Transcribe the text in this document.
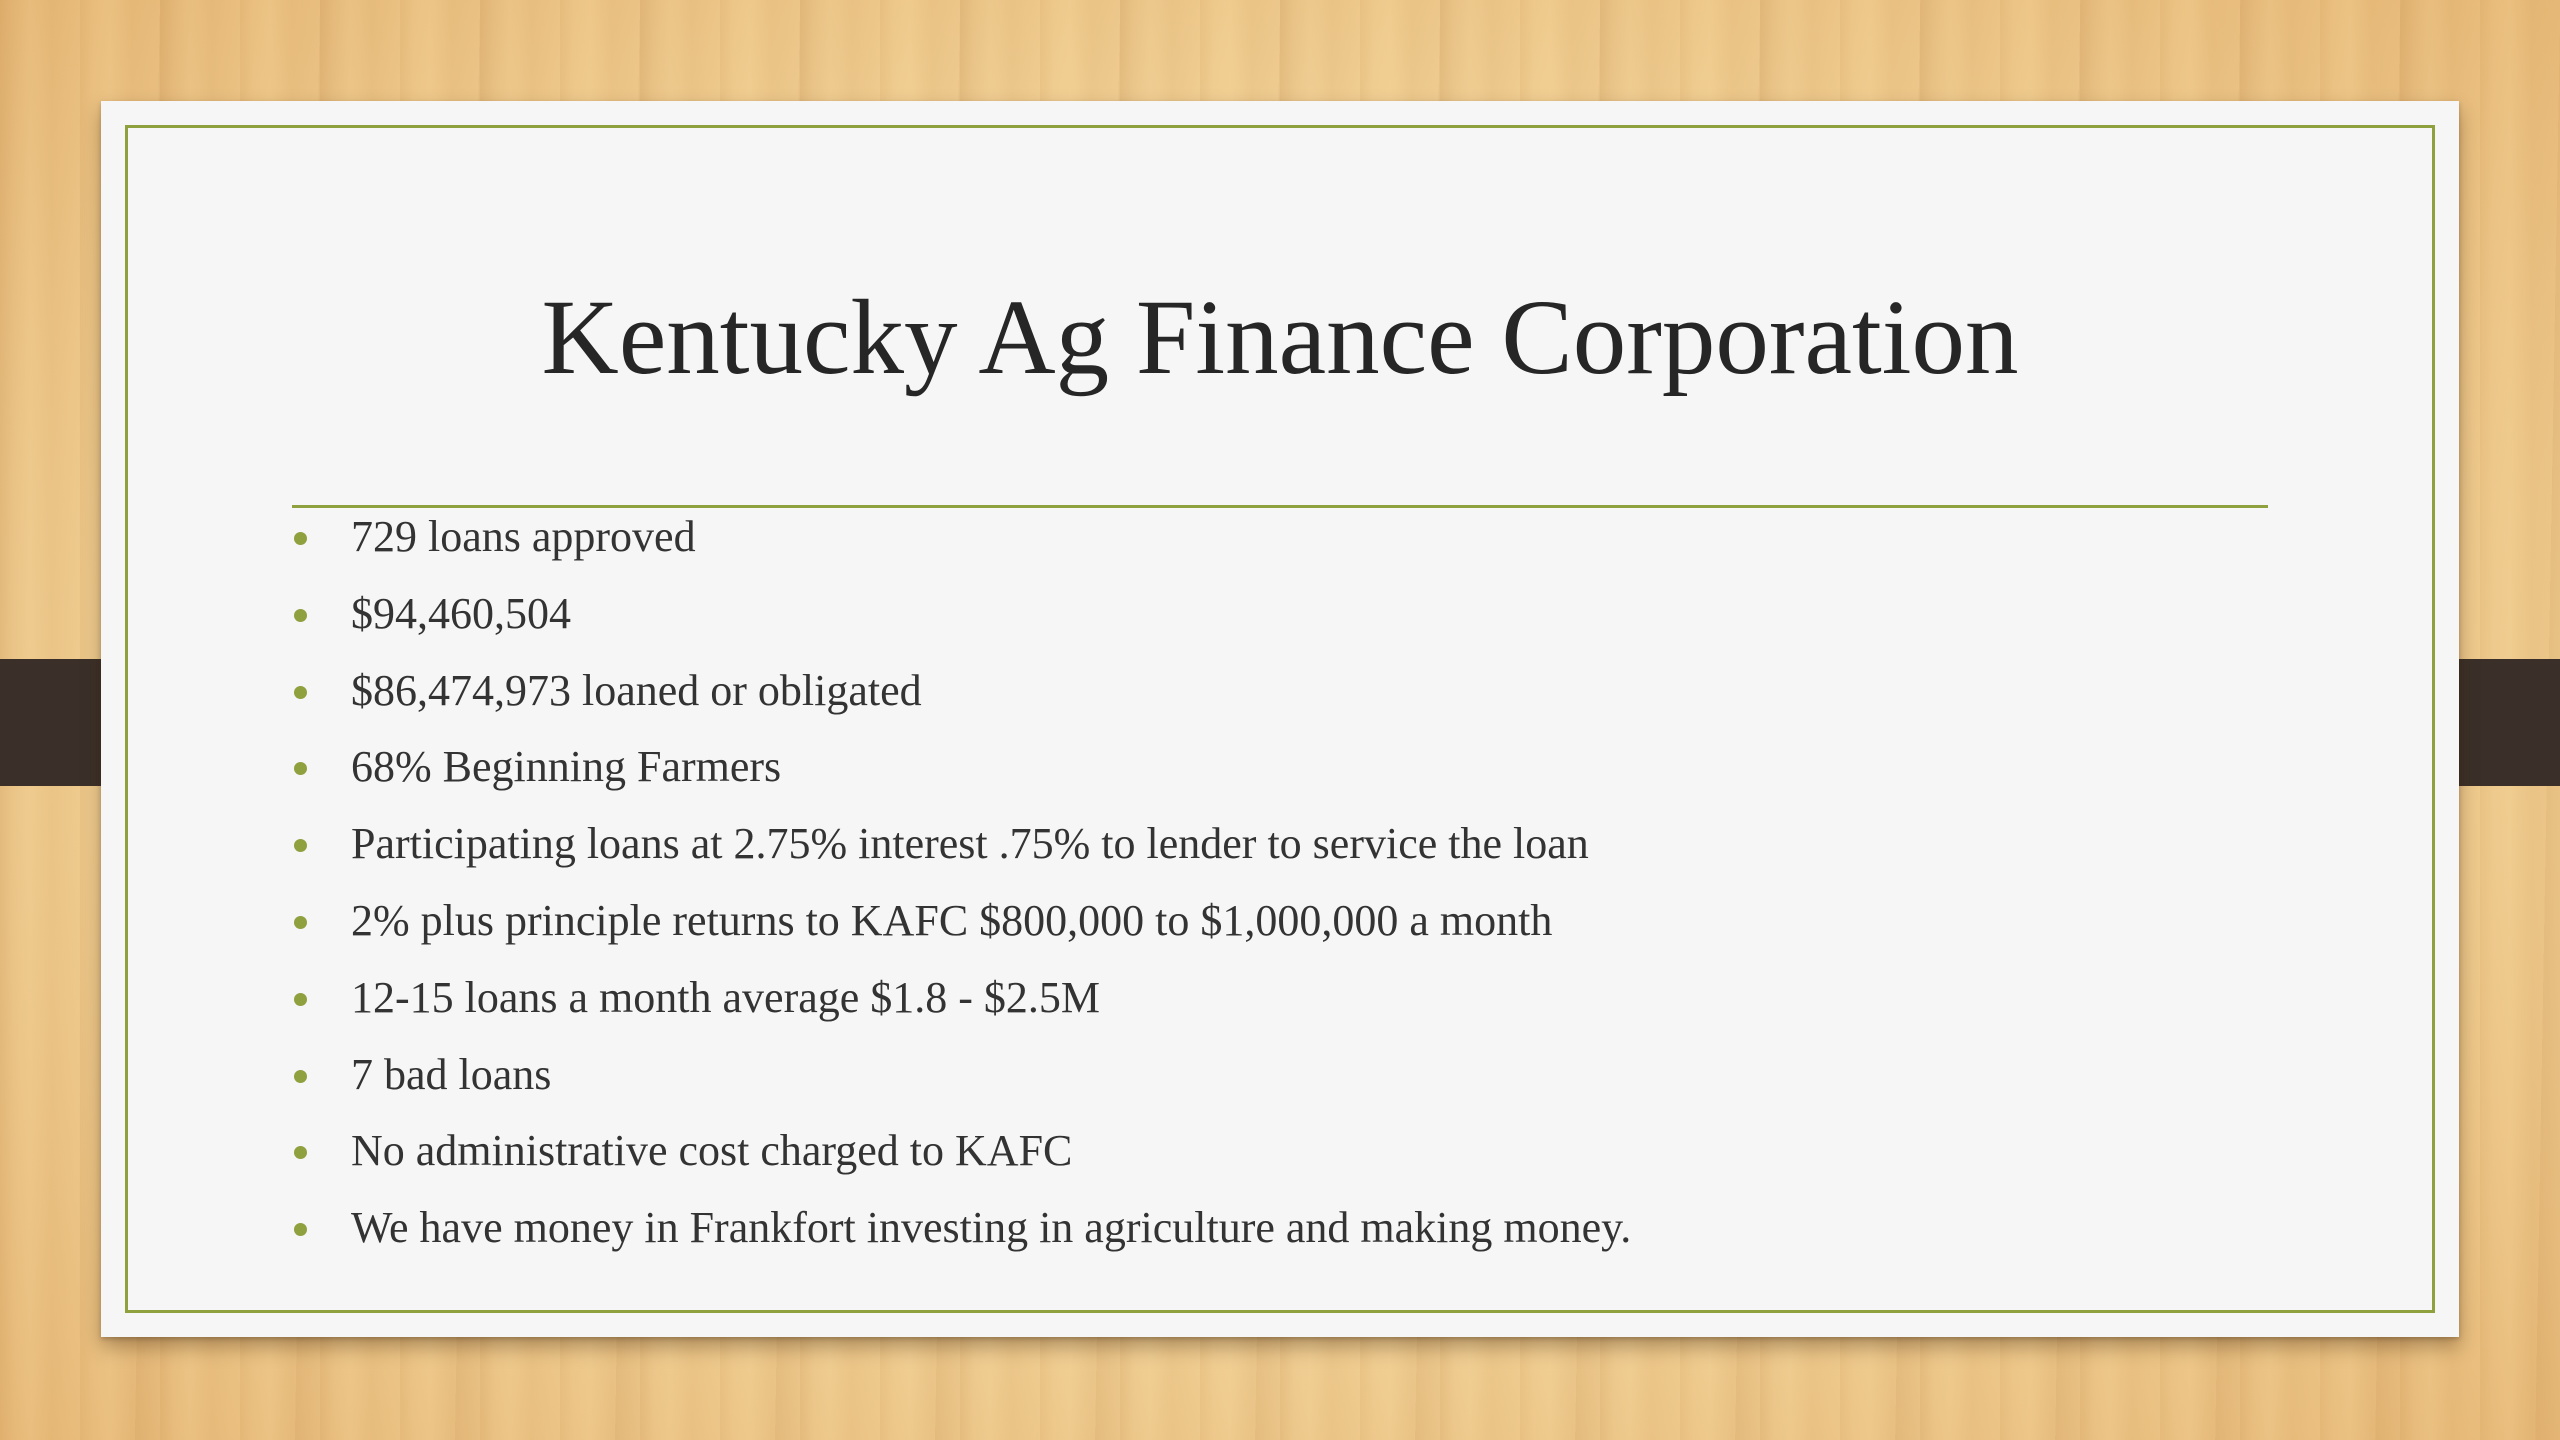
Kentucky Ag Finance Corporation
729 loans approved
$94,460,504
$86,474,973 loaned or obligated
68% Beginning Farmers
Participating loans at 2.75% interest .75% to lender to service the loan
2% plus principle returns to KAFC $800,000 to $1,000,000 a month
12-15 loans a month average $1.8 - $2.5M
7 bad loans
No administrative cost charged to KAFC
We have money in Frankfort investing in agriculture and making money.
